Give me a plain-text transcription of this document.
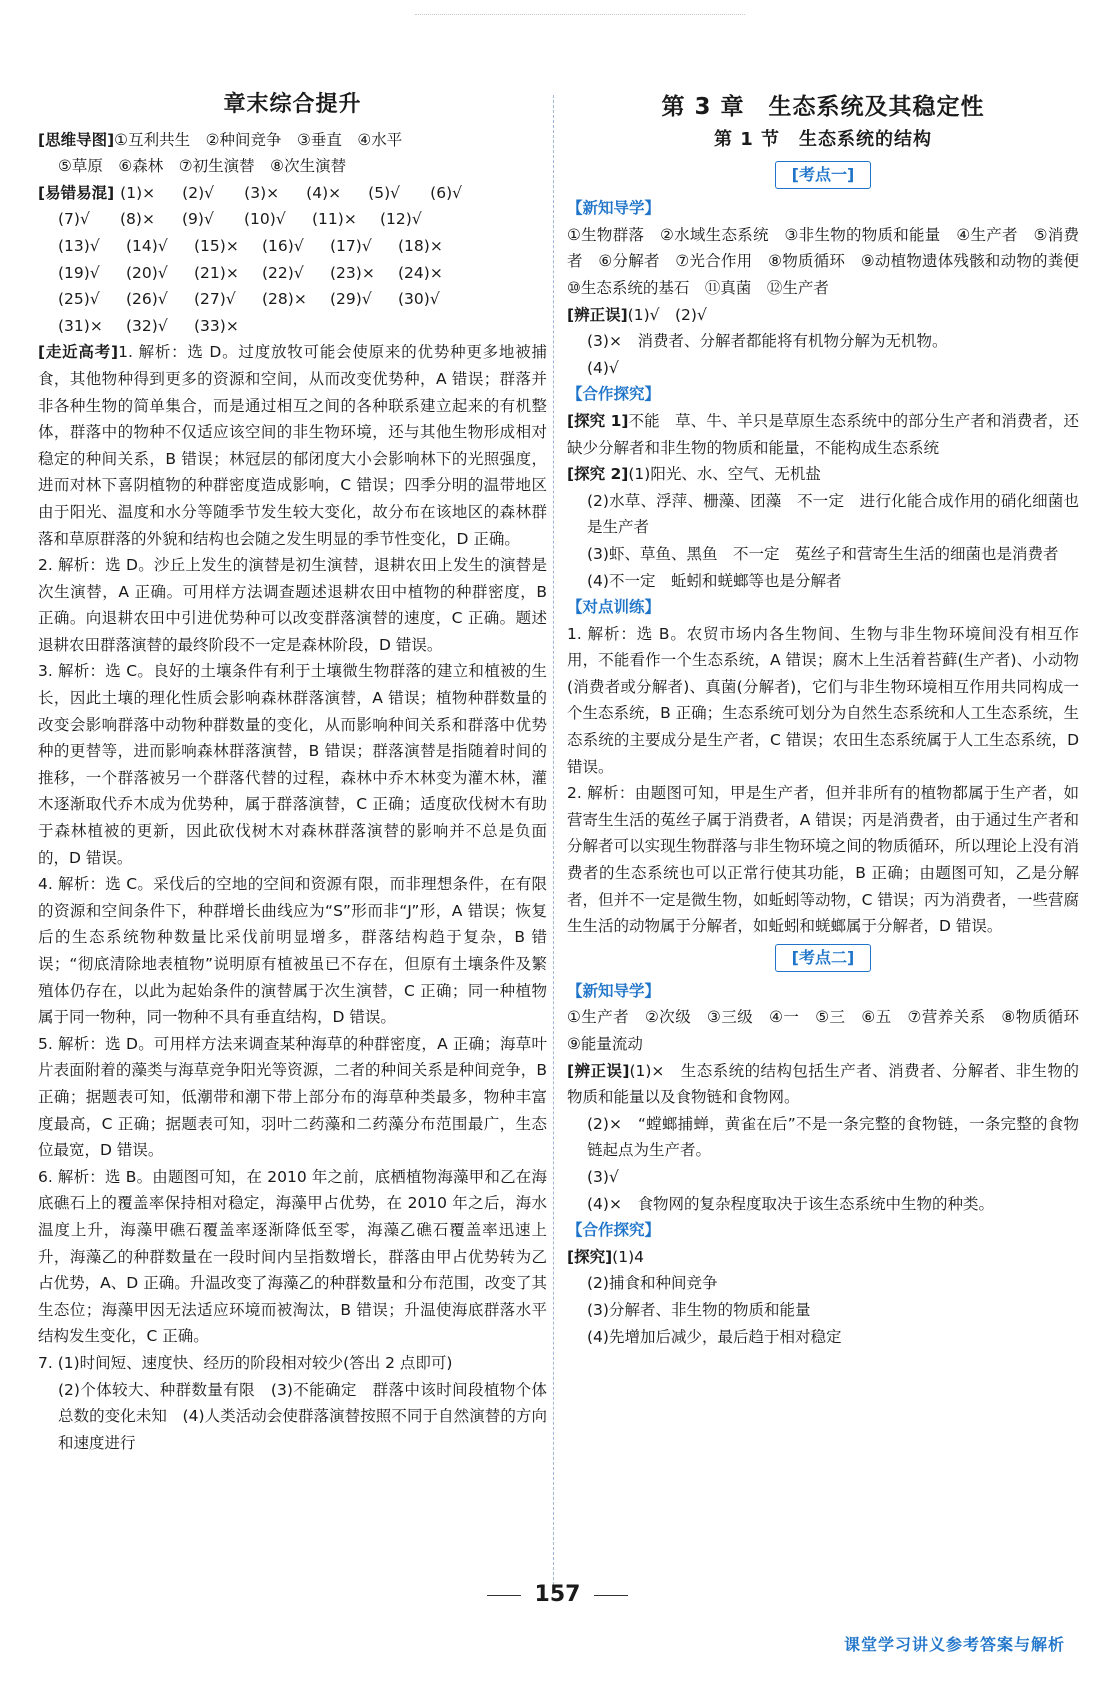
章末综合提升

[思维导图]①互利共生　②种间竞争　③垂直　④水平

⑤草原　⑥森林　⑦初生演替　⑧次生演替

[易错易混] (1)×	(2)√	(3)×	(4)×	(5)√	(6)√
(7)√	(8)×	(9)√	(10)√	(11)×	(12)√
(13)√	(14)√	(15)×	(16)√	(17)√	(18)×
(19)√	(20)√	(21)×	(22)√	(23)×	(24)×
(25)√	(26)√	(27)√	(28)×	(29)√	(30)√
(31)×	(32)√	(33)×

[走近高考]1. 解析：选 D。过度放牧可能会使原来的优势种更多地被捕食，其他物种得到更多的资源和空间，从而改变优势种，A 错误；群落并非各种生物的简单集合，而是通过相互之间的各种联系建立起来的有机整体，群落中的物种不仅适应该空间的非生物环境，还与其他生物形成相对稳定的种间关系，B 错误；林冠层的郁闭度大小会影响林下的光照强度，进而对林下喜阴植物的种群密度造成影响，C 错误；四季分明的温带地区由于阳光、温度和水分等随季节发生较大变化，故分布在该地区的森林群落和草原群落的外貌和结构也会随之发生明显的季节性变化，D 正确。

2. 解析：选 D。沙丘上发生的演替是初生演替，退耕农田上发生的演替是次生演替，A 正确。可用样方法调查题述退耕农田中植物的种群密度，B 正确。向退耕农田中引进优势种可以改变群落演替的速度，C 正确。题述退耕农田群落演替的最终阶段不一定是森林阶段，D 错误。

3. 解析：选 C。良好的土壤条件有利于土壤微生物群落的建立和植被的生长，因此土壤的理化性质会影响森林群落演替，A 错误；植物种群数量的改变会影响群落中动物种群数量的变化，从而影响种间关系和群落中优势种的更替等，进而影响森林群落演替，B 错误；群落演替是指随着时间的推移，一个群落被另一个群落代替的过程，森林中乔木林变为灌木林，灌木逐渐取代乔木成为优势种，属于群落演替，C 正确；适度砍伐树木有助于森林植被的更新，因此砍伐树木对森林群落演替的影响并不总是负面的，D 错误。

4. 解析：选 C。采伐后的空地的空间和资源有限，而非理想条件，在有限的资源和空间条件下，种群增长曲线应为“S”形而非“J”形，A 错误；恢复后的生态系统物种数量比采伐前明显增多，群落结构趋于复杂，B 错误；“彻底清除地表植物”说明原有植被虽已不存在，但原有土壤条件及繁殖体仍存在，以此为起始条件的演替属于次生演替，C 正确；同一种植物属于同一物种，同一物种不具有垂直结构，D 错误。

5. 解析：选 D。可用样方法来调查某种海草的种群密度，A 正确；海草叶片表面附着的藻类与海草竞争阳光等资源，二者的种间关系是种间竞争，B 正确；据题表可知，低潮带和潮下带上部分布的海草种类最多，物种丰富度最高，C 正确；据题表可知，羽叶二药藻和二药藻分布范围最广，生态位最宽，D 错误。

6. 解析：选 B。由题图可知，在 2010 年之前，底栖植物海藻甲和乙在海底礁石上的覆盖率保持相对稳定，海藻甲占优势，在 2010 年之后，海水温度上升，海藻甲礁石覆盖率逐渐降低至零，海藻乙礁石覆盖率迅速上升，海藻乙的种群数量在一段时间内呈指数增长，群落由甲占优势转为乙占优势，A、D 正确。升温改变了海藻乙的种群数量和分布范围，改变了其生态位；海藻甲因无法适应环境而被淘汰，B 错误；升温使海底群落水平结构发生变化，C 正确。

7. (1)时间短、速度快、经历的阶段相对较少(答出 2 点即可)

(2)个体较大、种群数量有限　(3)不能确定　群落中该时间段植物个体总数的变化未知　(4)人类活动会使群落演替按照不同于自然演替的方向和速度进行

第 3 章　生态系统及其稳定性
第 1 节　生态系统的结构
[考点一]
【新知导学】

①生物群落　②水域生态系统　③非生物的物质和能量　④生产者　⑤消费者　⑥分解者　⑦光合作用　⑧物质循环　⑨动植物遗体残骸和动物的粪便　⑩生态系统的基石　⑪真菌　⑫生产者

[辨正误](1)√　(2)√

(3)×　消费者、分解者都能将有机物分解为无机物。

(4)√

【合作探究】

[探究 1]不能　草、牛、羊只是草原生态系统中的部分生产者和消费者，还缺少分解者和非生物的物质和能量，不能构成生态系统

[探究 2](1)阳光、水、空气、无机盐

(2)水草、浮萍、栅藻、团藻　不一定　进行化能合成作用的硝化细菌也是生产者

(3)虾、草鱼、黑鱼　不一定　菟丝子和营寄生生活的细菌也是消费者

(4)不一定　蚯蚓和蜣螂等也是分解者

【对点训练】

1. 解析：选 B。农贸市场内各生物间、生物与非生物环境间没有相互作用，不能看作一个生态系统，A 错误；腐木上生活着苔藓(生产者)、小动物(消费者或分解者)、真菌(分解者)，它们与非生物环境相互作用共同构成一个生态系统，B 正确；生态系统可划分为自然生态系统和人工生态系统，生态系统的主要成分是生产者，C 错误；农田生态系统属于人工生态系统，D 错误。

2. 解析：由题图可知，甲是生产者，但并非所有的植物都属于生产者，如营寄生生活的菟丝子属于消费者，A 错误；丙是消费者，由于通过生产者和分解者可以实现生物群落与非生物环境之间的物质循环，所以理论上没有消费者的生态系统也可以正常行使其功能，B 正确；由题图可知，乙是分解者，但并不一定是微生物，如蚯蚓等动物，C 错误；丙为消费者，一些营腐生生活的动物属于分解者，如蚯蚓和蜣螂属于分解者，D 错误。

[考点二]
【新知导学】

①生产者　②次级　③三级　④一　⑤三　⑥五　⑦营养关系　⑧物质循环　⑨能量流动

[辨正误](1)×　生态系统的结构包括生产者、消费者、分解者、非生物的物质和能量以及食物链和食物网。

(2)×　“螳螂捕蝉，黄雀在后”不是一条完整的食物链，一条完整的食物链起点为生产者。

(3)√

(4)×　食物网的复杂程度取决于该生态系统中生物的种类。

【合作探究】

[探究](1)4

(2)捕食和种间竞争

(3)分解者、非生物的物质和能量

(4)先增加后减少，最后趋于相对稳定

157
课堂学习讲义参考答案与解析
